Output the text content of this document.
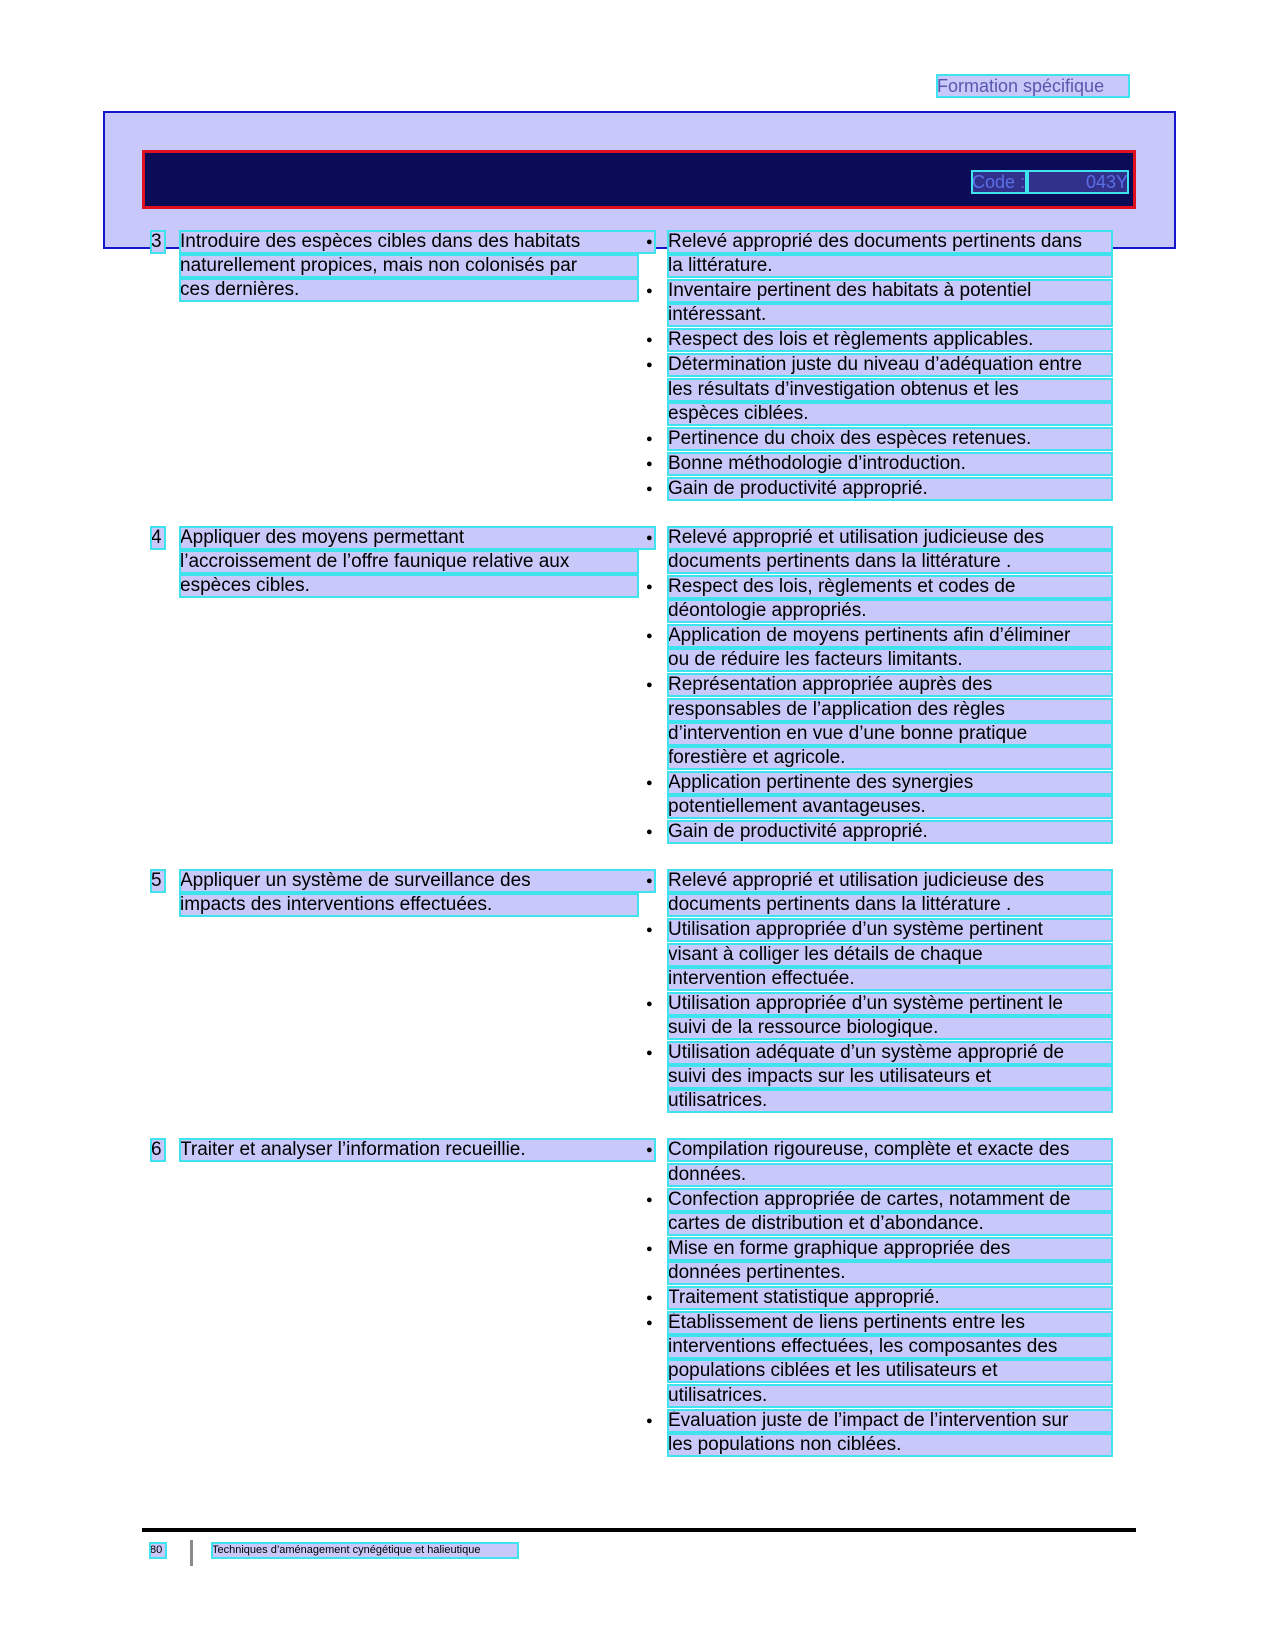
Formation spécifique
Code :	043Y
3 Introduire des espèces cibles dans des habitats
naturellement propices, mais non colonisés par
ces dernières.
● Relevé approprié des documents pertinents dans
la littérature.
● Inventaire pertinent des habitats à potentiel
intéressant.
● Respect des lois et règlements applicables.
● Détermination juste du niveau d’adéquation entre
les résultats d’investigation obtenus et les
espèces ciblées.
● Pertinence du choix des espèces retenues.
● Bonne méthodologie d’introduction.
● Gain de productivité approprié.
4 Appliquer des moyens permettant
l’accroissement de l’offre faunique relative aux
espèces cibles.
● Relevé approprié et utilisation judicieuse des
documents pertinents dans la littérature .
● Respect des lois, règlements et codes de
déontologie appropriés.
● Application de moyens pertinents afin d’éliminer
ou de réduire les facteurs limitants.
● Représentation appropriée auprès des
responsables de l’application des règles
d’intervention en vue d’une bonne pratique
forestière et agricole.
● Application pertinente des synergies
potentiellement avantageuses.
● Gain de productivité approprié.
5 Appliquer un système de surveillance des
impacts des interventions effectuées.
● Relevé approprié et utilisation judicieuse des
documents pertinents dans la littérature .
● Utilisation appropriée d’un système pertinent
visant à colliger les détails de chaque
intervention effectuée.
● Utilisation appropriée d’un système pertinent le
suivi de la ressource biologique.
● Utilisation adéquate d’un système approprié de
suivi des impacts sur les utilisateurs et
utilisatrices.
6 Traiter et analyser l’information recueillie.	● Compilation rigoureuse, complète et exacte des
données.
● Confection appropriée de cartes, notamment de
cartes de distribution et d’abondance.
● Mise en forme graphique appropriée des
données pertinentes.
● Traitement statistique approprié.
● Établissement de liens pertinents entre les
interventions effectuées, les composantes des
populations ciblées et les utilisateurs et
utilisatrices.
● Évaluation juste de l’impact de l’intervention sur
les populations non ciblées.
80	Techniques d’aménagement cynégétique et halieutique
